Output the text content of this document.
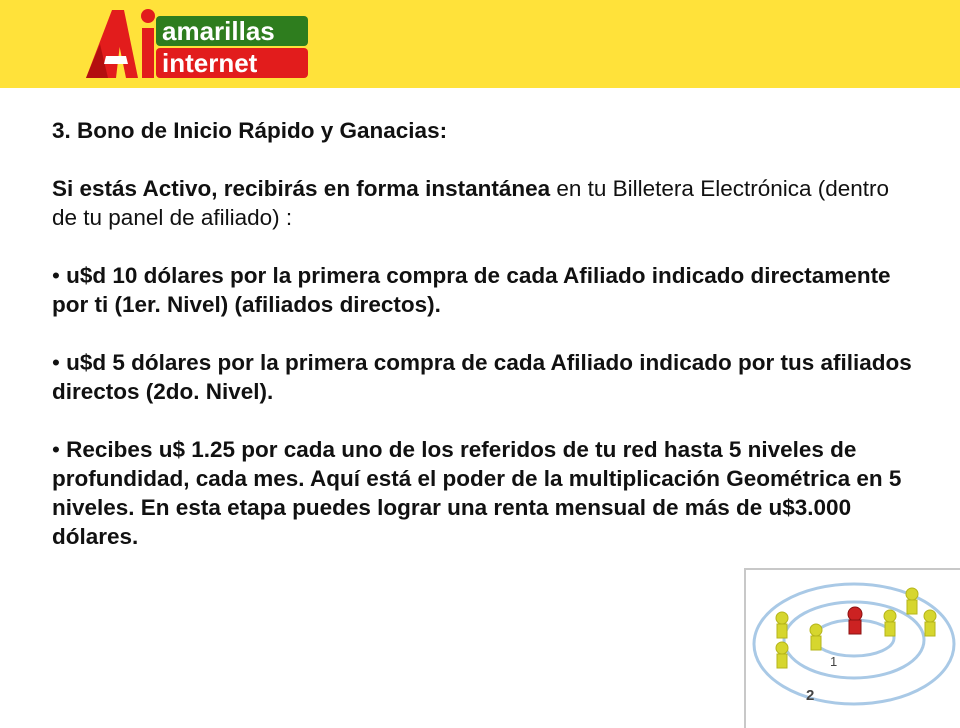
amarillas
internet

3. Bono de Inicio Rápido y Ganacias:

Si estás Activo, recibirás en forma instantánea en tu Billetera Electrónica (dentro de tu panel de afiliado) :

• u$d 10 dólares por la primera compra de cada Afiliado indicado directamente por ti (1er. Nivel) (afiliados directos).

• u$d 5 dólares por la primera compra de cada Afiliado indicado por tus afiliados directos (2do. Nivel).

• Recibes u$ 1.25 por cada uno de los referidos de tu red hasta 5 niveles de profundidad, cada mes. Aquí está el poder de la multiplicación Geométrica en 5 niveles. En esta etapa puedes lograr una renta mensual de más de u$3.000 dólares.

1
2
